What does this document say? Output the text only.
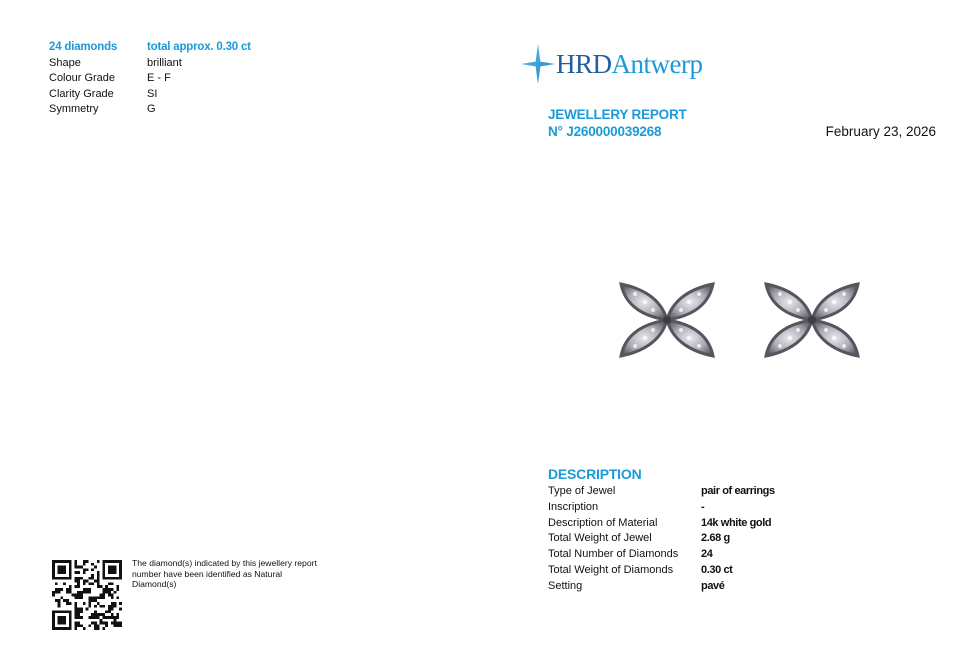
24 diamonds	total approx. 0.30 ct
Shape	brilliant
Colour Grade	E - F
Clarity Grade	SI
Symmetry	G
HRDAntwerp
JEWELLERY REPORT
N° J260000039268	February 23, 2026
DESCRIPTION
Type of Jewel	pair of earrings
Inscription	-
Description of Material	14k white gold
Total Weight of Jewel	2.68 g
Total Number of Diamonds	24
Total Weight of Diamonds	0.30 ct
Setting	pavé
The diamond(s) indicated by this jewellery report number have been identified as Natural Diamond(s)
